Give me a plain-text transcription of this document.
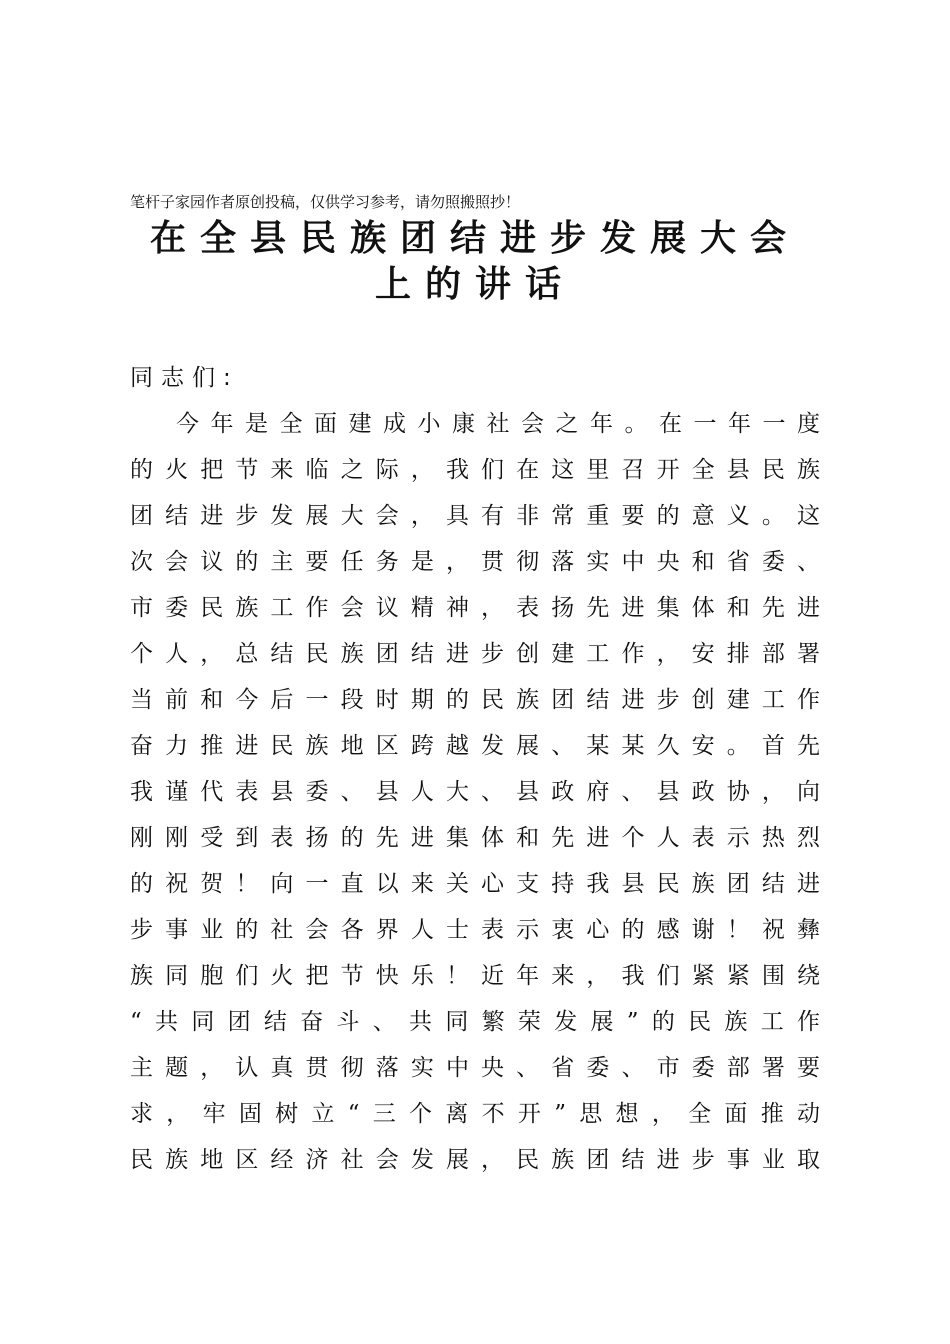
笔杆子家园作者原创投稿，仅供学习参考，请勿照搬照抄！
在全县民族团结进步发展大会
上的讲话
同志们:
今年是全面建成小康社会之年。在一年一度
的火把节来临之际，我们在这里召开全县民族
团结进步发展大会，具有非常重要的意义。这
次会议的主要任务是，贯彻落实中央和省委、
市委民族工作会议精神，表扬先进集体和先进
个人，总结民族团结进步创建工作，安排部署
当前和今后一段时期的民族团结进步创建工作
奋力推进民族地区跨越发展、某某久安。首先
我谨代表县委、县人大、县政府、县政协，向
刚刚受到表扬的先进集体和先进个人表示热烈
的祝贺！向一直以来关心支持我县民族团结进
步事业的社会各界人士表示衷心的感谢！祝彝
族同胞们火把节快乐！近年来，我们紧紧围绕
“共同团结奋斗、共同繁荣发展”的民族工作
主题，认真贯彻落实中央、省委、市委部署要
求，牢固树立“三个离不开”思想，全面推动
民族地区经济社会发展，民族团结进步事业取
